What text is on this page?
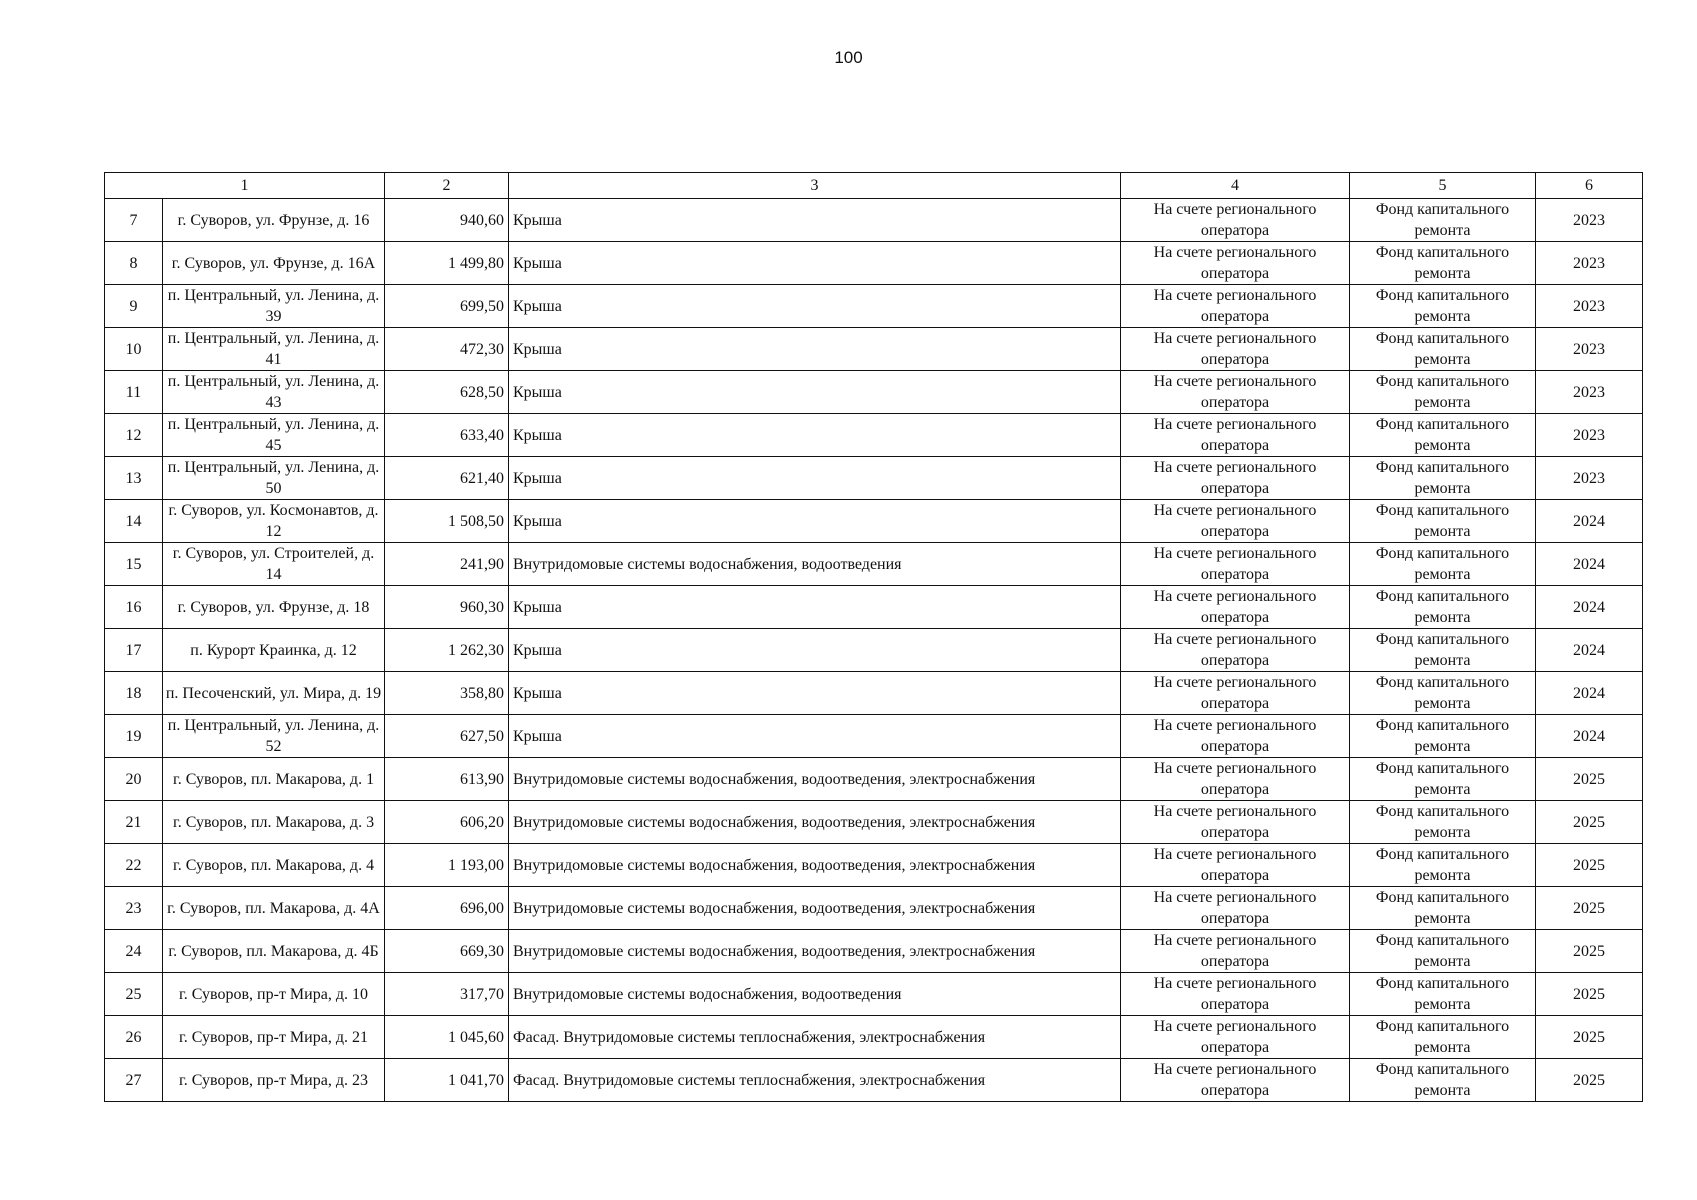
100
1		2	3	4	5	6
7	г. Суворов, ул. Фрунзе, д. 16	940,60	Крыша	На счете регионального оператора	Фонд капитального ремонта	2023
8	г. Суворов, ул. Фрунзе, д. 16А	1 499,80	Крыша	На счете регионального оператора	Фонд капитального ремонта	2023
9	п. Центральный, ул. Ленина, д. 39	699,50	Крыша	На счете регионального оператора	Фонд капитального ремонта	2023
10	п. Центральный, ул. Ленина, д. 41	472,30	Крыша	На счете регионального оператора	Фонд капитального ремонта	2023
11	п. Центральный, ул. Ленина, д. 43	628,50	Крыша	На счете регионального оператора	Фонд капитального ремонта	2023
12	п. Центральный, ул. Ленина, д. 45	633,40	Крыша	На счете регионального оператора	Фонд капитального ремонта	2023
13	п. Центральный, ул. Ленина, д. 50	621,40	Крыша	На счете регионального оператора	Фонд капитального ремонта	2023
14	г. Суворов, ул. Космонавтов, д. 12	1 508,50	Крыша	На счете регионального оператора	Фонд капитального ремонта	2024
15	г. Суворов, ул. Строителей, д. 14	241,90	Внутридомовые системы водоснабжения, водоотведения	На счете регионального оператора	Фонд капитального ремонта	2024
16	г. Суворов, ул. Фрунзе, д. 18	960,30	Крыша	На счете регионального оператора	Фонд капитального ремонта	2024
17	п. Курорт Краинка, д. 12	1 262,30	Крыша	На счете регионального оператора	Фонд капитального ремонта	2024
18	п. Песоченский, ул. Мира, д. 19	358,80	Крыша	На счете регионального оператора	Фонд капитального ремонта	2024
19	п. Центральный, ул. Ленина, д. 52	627,50	Крыша	На счете регионального оператора	Фонд капитального ремонта	2024
20	г. Суворов, пл. Макарова, д. 1	613,90	Внутридомовые системы водоснабжения, водоотведения, электроснабжения	На счете регионального оператора	Фонд капитального ремонта	2025
21	г. Суворов, пл. Макарова, д. 3	606,20	Внутридомовые системы водоснабжения, водоотведения, электроснабжения	На счете регионального оператора	Фонд капитального ремонта	2025
22	г. Суворов, пл. Макарова, д. 4	1 193,00	Внутридомовые системы водоснабжения, водоотведения, электроснабжения	На счете регионального оператора	Фонд капитального ремонта	2025
23	г. Суворов, пл. Макарова, д. 4А	696,00	Внутридомовые системы водоснабжения, водоотведения, электроснабжения	На счете регионального оператора	Фонд капитального ремонта	2025
24	г. Суворов, пл. Макарова, д. 4Б	669,30	Внутридомовые системы водоснабжения, водоотведения, электроснабжения	На счете регионального оператора	Фонд капитального ремонта	2025
25	г. Суворов, пр-т Мира, д. 10	317,70	Внутридомовые системы водоснабжения, водоотведения	На счете регионального оператора	Фонд капитального ремонта	2025
26	г. Суворов, пр-т Мира, д. 21	1 045,60	Фасад. Внутридомовые системы теплоснабжения, электроснабжения	На счете регионального оператора	Фонд капитального ремонта	2025
27	г. Суворов, пр-т Мира, д. 23	1 041,70	Фасад. Внутридомовые системы теплоснабжения, электроснабжения	На счете регионального оператора	Фонд капитального ремонта	2025
